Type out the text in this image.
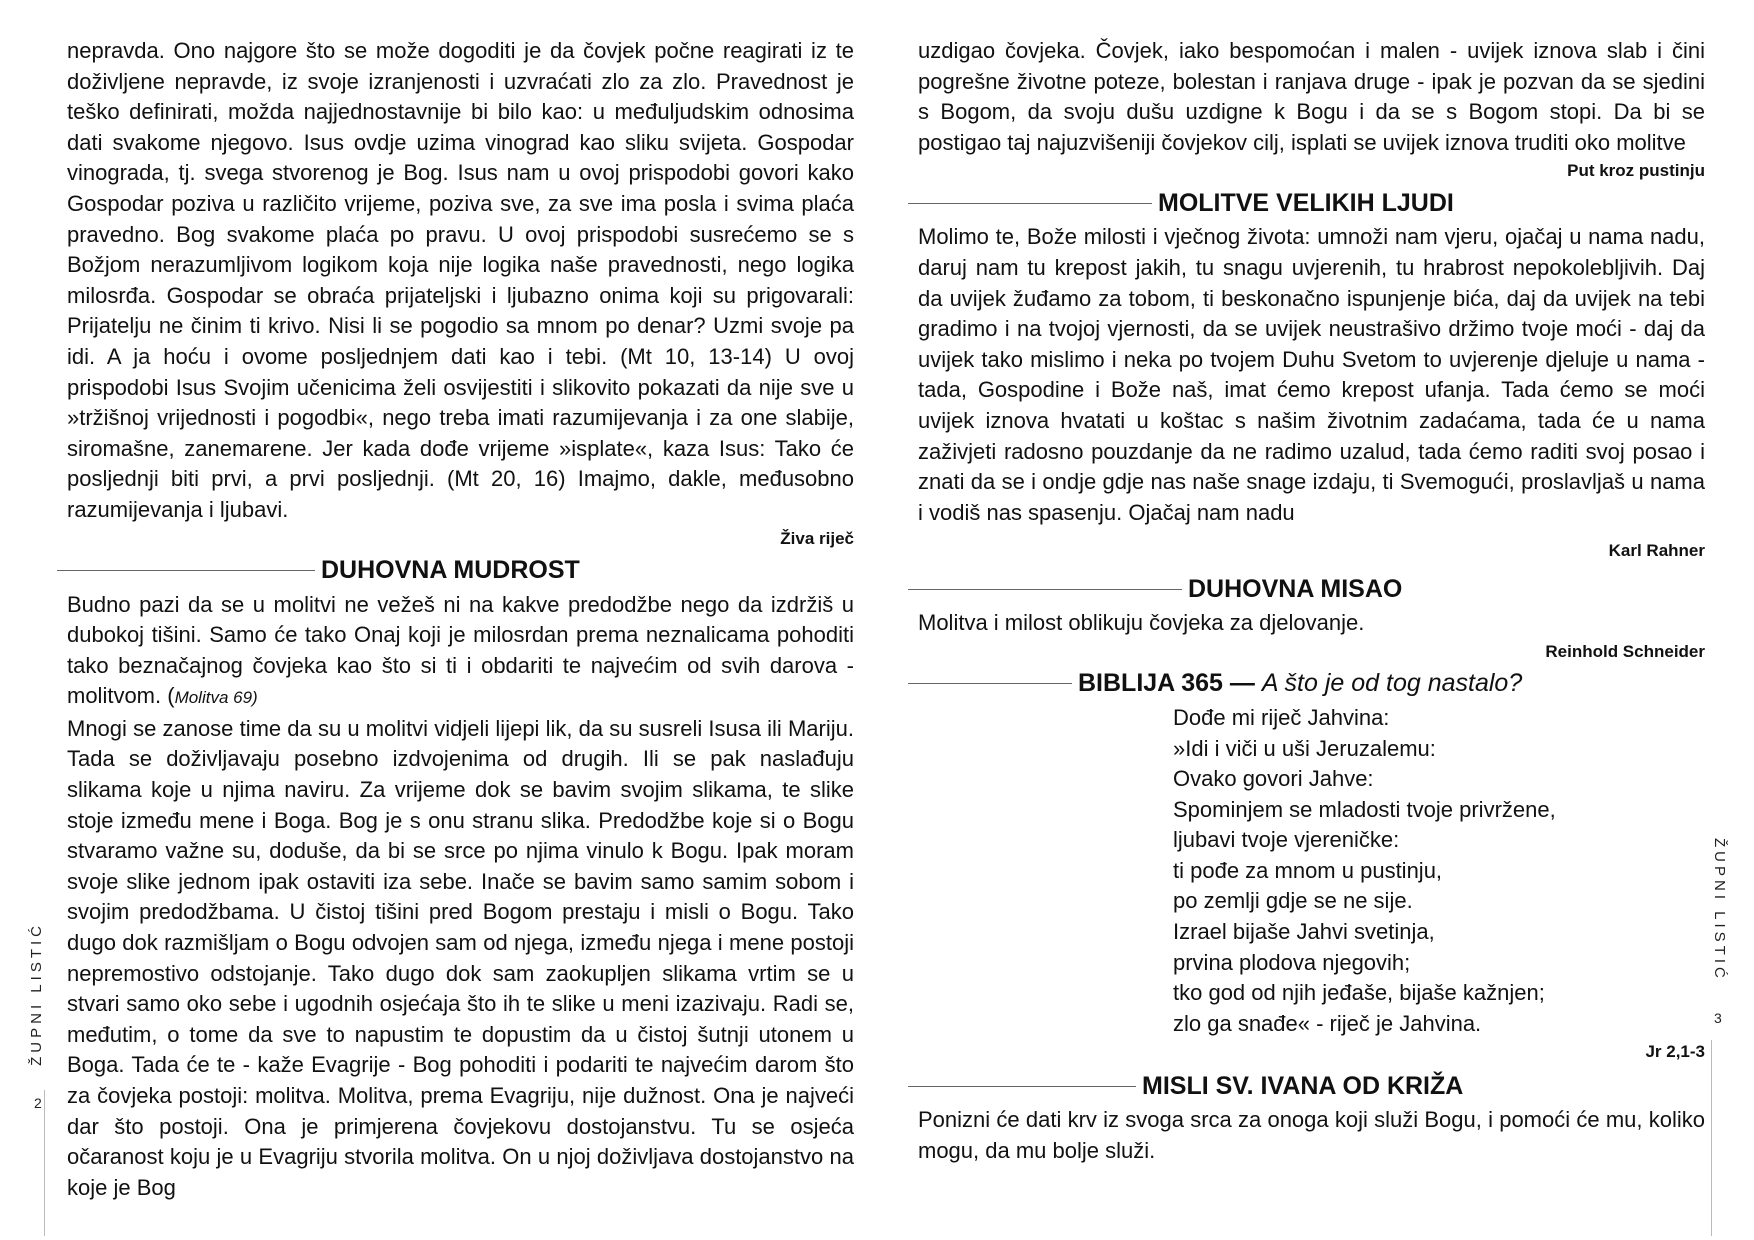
nepravda. Ono najgore što se može dogoditi je da čovjek počne reagirati iz te doživljene nepravde, iz svoje izranjenosti i uzvraćati zlo za zlo. Pravednost je teško definirati, možda najjednostavnije bi bilo kao: u međuljudskim odnosima dati svakome njegovo. Isus ovdje uzima vinograd kao sliku svijeta. Gospodar vinograda, tj. svega stvorenog je Bog. Isus nam u ovoj prispodobi govori kako Gospodar poziva u različito vrijeme, poziva sve, za sve ima posla i svima plaća pravedno. Bog svakome plaća po pravu. U ovoj prispodobi susrećemo se s Božjom nerazumljivom logikom koja nije logika naše pravednosti, nego logika milosrđa. Gospodar se obraća prijateljski i ljubazno onima koji su prigovarali: Prijatelju ne činim ti krivo. Nisi li se pogodio sa mnom po denar? Uzmi svoje pa idi. A ja hoću i ovome posljednjem dati kao i tebi. (Mt 10, 13-14) U ovoj prispodobi Isus Svojim učenicima želi osvijestiti i slikovito pokazati da nije sve u »tržišnoj vrijednosti i pogodbi«, nego treba imati razumijevanja i za one slabije, siromašne, zanemarene. Jer kada dođe vrijeme »isplate«, kaza Isus: Tako će posljednji biti prvi, a prvi posljednji. (Mt 20, 16) Imajmo, dakle, međusobno razumijevanja i ljubavi.

Živa riječ
DUHOVNA MUDROST

Budno pazi da se u molitvi ne vežeš ni na kakve predodžbe nego da izdržiš u dubokoj tišini. Samo će tako Onaj koji je milosrdan prema neznalicama pohoditi tako beznačajnog čovjeka kao što si ti i obdariti te najvećim od svih darova - molitvom. (Molitva 69)

Mnogi se zanose time da su u molitvi vidjeli lijepi lik, da su susreli Isusa ili Mariju. Tada se doživljavaju posebno izdvojenima od drugih. Ili se pak naslađuju slikama koje u njima naviru. Za vrijeme dok se bavim svojim slikama, te slike stoje između mene i Boga. Bog je s onu stranu slika. Predodžbe koje si o Bogu stvaramo važne su, doduše, da bi se srce po njima vinulo k Bogu. Ipak moram svoje slike jednom ipak ostaviti iza sebe. Inače se bavim samo samim sobom i svojim predodžbama. U čistoj tišini pred Bogom prestaju i misli o Bogu. Tako dugo dok razmišljam o Bogu odvojen sam od njega, između njega i mene postoji nepremostivo odstojanje. Tako dugo dok sam zaokupljen slikama vrtim se u stvari samo oko sebe i ugodnih osjećaja što ih te slike u meni izazivaju. Radi se, međutim, o tome da sve to napustim te dopustim da u čistoj šutnji utonem u Boga. Tada će te - kaže Evagrije - Bog pohoditi i podariti te najvećim darom što za čovjeka postoji: molitva. Molitva, prema Evagriju, nije dužnost. Ona je najveći dar što postoji. Ona je primjerena čovjekovu dostojanstvu. Tu se osjeća očaranost koju je u Evagriju stvorila molitva. On u njoj doživljava dostojanstvo na koje je Bog

uzdigao čovjeka. Čovjek, iako bespomoćan i malen - uvijek iznova slab i čini pogrešne životne poteze, bolestan i ranjava druge - ipak je pozvan da se sjedini s Bogom, da svoju dušu uzdigne k Bogu i da se s Bogom stopi. Da bi se postigao taj najuzvišeniji čovjekov cilj, isplati se uvijek iznova truditi oko molitve

Put kroz pustinju
MOLITVE VELIKIH LJUDI

Molimo te, Bože milosti i vječnog života: umnoži nam vjeru, ojačaj u nama nadu, daruj nam tu krepost jakih, tu snagu uvjerenih, tu hrabrost nepokolebljivih. Daj da uvijek žuđamo za tobom, ti beskonačno ispunjenje bića, daj da uvijek na tebi gradimo i na tvojoj vjernosti, da se uvijek neustrašivo držimo tvoje moći - daj da uvijek tako mislimo i neka po tvojem Duhu Svetom to uvjerenje djeluje u nama - tada, Gospodine i Bože naš, imat ćemo krepost ufanja. Tada ćemo se moći uvijek iznova hvatati u koštac s našim životnim zadaćama, tada će u nama zaživjeti radosno pouzdanje da ne radimo uzalud, tada ćemo raditi svoj posao i znati da se i ondje gdje nas naše snage izdaju, ti Svemogući, proslavljaš u nama i vodiš nas spasenju. Ojačaj nam nadu

Karl Rahner
DUHOVNA MISAO

Molitva i milost oblikuju čovjeka za djelovanje.

Reinhold Schneider
BIBLIJA 365 — A što je od tog nastalo?
Dođe mi riječ Jahvina:
»Idi i viči u uši Jeruzalemu:
Ovako govori Jahve:
Spominjem se mladosti tvoje privržene,
ljubavi tvoje vjereničke:
ti pođe za mnom u pustinju,
po zemlji gdje se ne sije.
Izrael bijaše Jahvi svetinja,
prvina plodova njegovih;
tko god od njih jeđaše, bijaše kažnjen;
zlo ga snađe« - riječ je Jahvina.
Jr 2,1-3
MISLI SV. IVANA OD KRIŽA

Ponizni će dati krv iz svoga srca za onoga koji služi Bogu, i pomoći će mu, koliko mogu, da mu bolje služi.

ŽUPNI LISTIĆ
2
ŽUPNI LISTIĆ
3
